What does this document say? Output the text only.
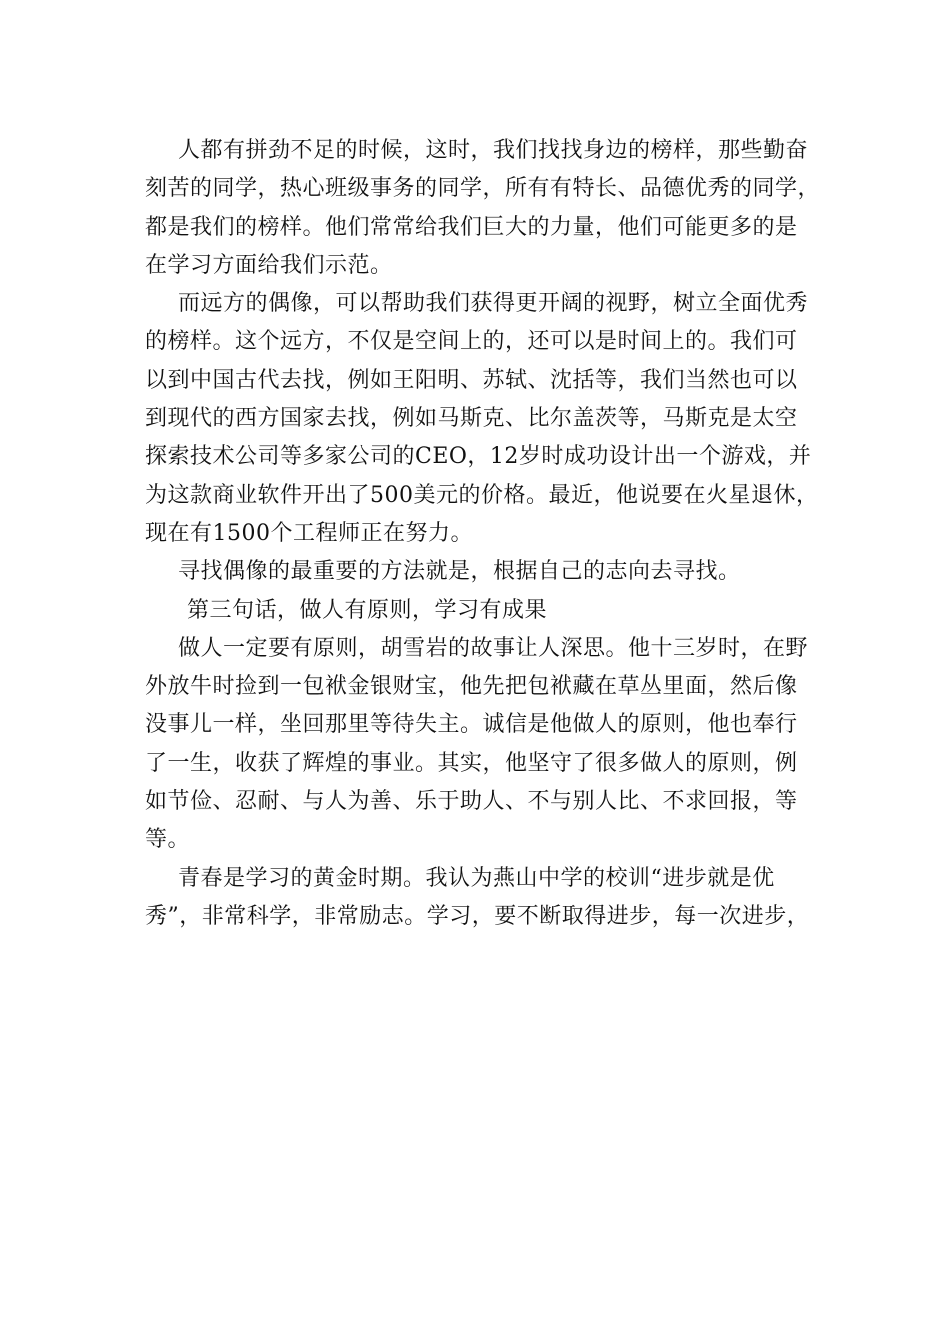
人都有拼劲不足的时候，这时，我们找找身边的榜样，那些勤奋
刻苦的同学，热心班级事务的同学，所有有特长、品德优秀的同学，
都是我们的榜样。他们常常给我们巨大的力量，他们可能更多的是
在学习方面给我们示范。

而远方的偶像，可以帮助我们获得更开阔的视野，树立全面优秀
的榜样。这个远方，不仅是空间上的，还可以是时间上的。我们可
以到中国古代去找，例如王阳明、苏轼、沈括等，我们当然也可以
到现代的西方国家去找，例如马斯克、比尔盖茨等，马斯克是太空
探索技术公司等多家公司的CEO，12岁时成功设计出一个游戏，并
为这款商业软件开出了500美元的价格。最近，他说要在火星退休，
现在有1500个工程师正在努力。

寻找偶像的最重要的方法就是，根据自己的志向去寻找。

第三句话，做人有原则，学习有成果

做人一定要有原则，胡雪岩的故事让人深思。他十三岁时，在野
外放牛时捡到一包袱金银财宝，他先把包袱藏在草丛里面，然后像
没事儿一样，坐回那里等待失主。诚信是他做人的原则，他也奉行
了一生，收获了辉煌的事业。其实，他坚守了很多做人的原则，例
如节俭、忍耐、与人为善、乐于助人、不与别人比、不求回报，等
等。

青春是学习的黄金时期。我认为燕山中学的校训“进步就是优
秀”，非常科学，非常励志。学习，要不断取得进步，每一次进步，
